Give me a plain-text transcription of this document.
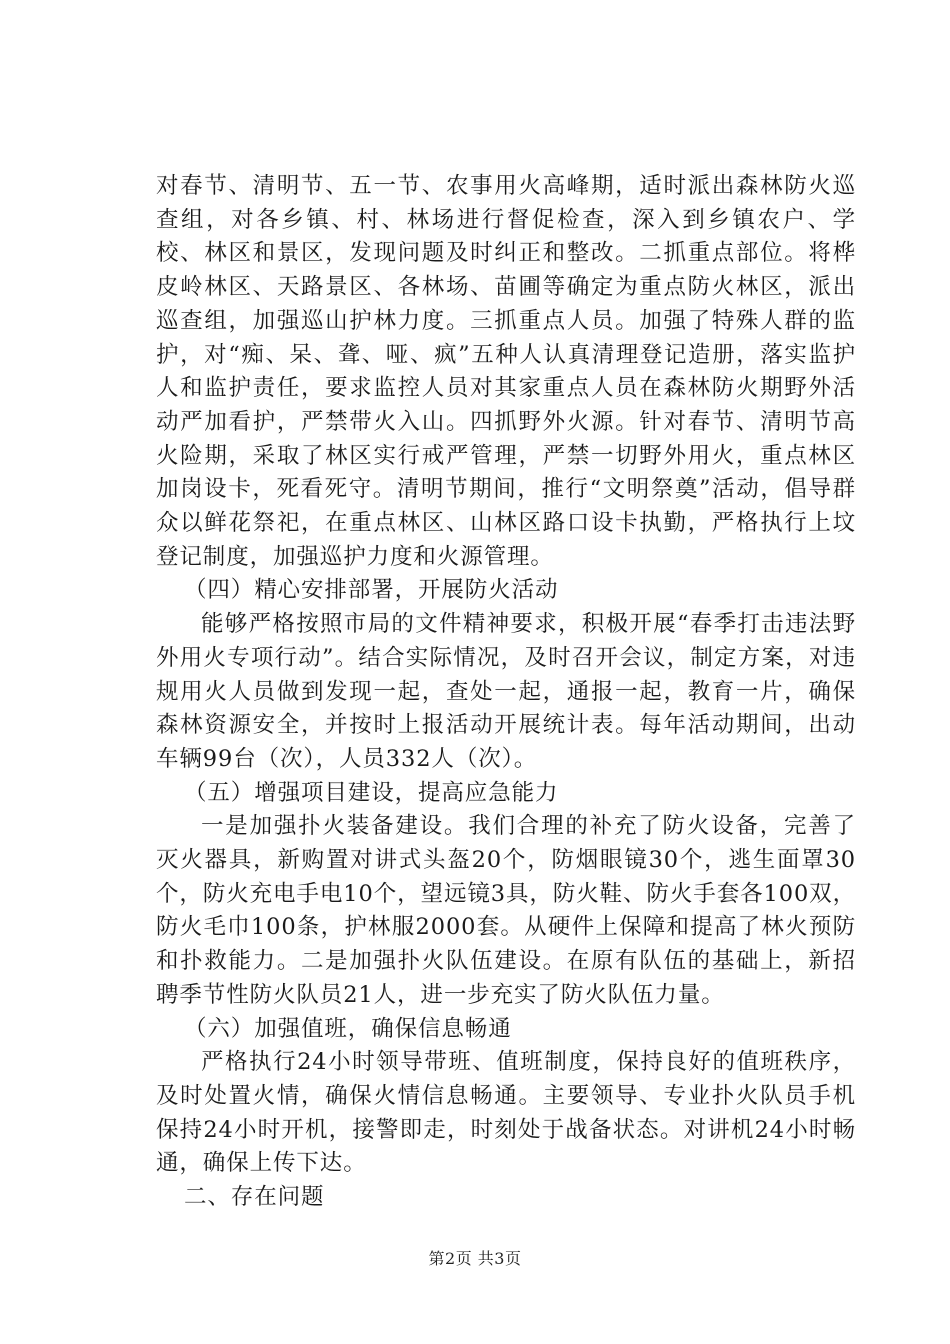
对春节、清明节、五一节、农事用火高峰期，适时派出森林防火巡查组，对各乡镇、村、林场进行督促检查，深入到乡镇农户、学校、林区和景区，发现问题及时纠正和整改。二抓重点部位。将桦皮岭林区、天路景区、各林场、苗圃等确定为重点防火林区，派出巡查组，加强巡山护林力度。三抓重点人员。加强了特殊人群的监护，对“痴、呆、聋、哑、疯”五种人认真清理登记造册，落实监护人和监护责任，要求监控人员对其家重点人员在森林防火期野外活动严加看护，严禁带火入山。四抓野外火源。针对春节、清明节高火险期，采取了林区实行戒严管理，严禁一切野外用火，重点林区加岗设卡，死看死守。清明节期间，推行“文明祭奠”活动，倡导群众以鲜花祭祀，在重点林区、山林区路口设卡执勤，严格执行上坟登记制度，加强巡护力度和火源管理。

（四）精心安排部署，开展防火活动

能够严格按照市局的文件精神要求，积极开展“春季打击违法野外用火专项行动”。结合实际情况，及时召开会议，制定方案，对违规用火人员做到发现一起，查处一起，通报一起，教育一片，确保森林资源安全，并按时上报活动开展统计表。每年活动期间，出动车辆99台（次），人员332人（次）。

（五）增强项目建设，提高应急能力

一是加强扑火装备建设。我们合理的补充了防火设备，完善了灭火器具，新购置对讲式头盔20个，防烟眼镜30个，逃生面罩30个，防火充电手电10个，望远镜3具，防火鞋、防火手套各100双，防火毛巾100条，护林服2000套。从硬件上保障和提高了林火预防和扑救能力。二是加强扑火队伍建设。在原有队伍的基础上，新招聘季节性防火队员21人，进一步充实了防火队伍力量。

（六）加强值班，确保信息畅通

严格执行24小时领导带班、值班制度，保持良好的值班秩序，及时处置火情，确保火情信息畅通。主要领导、专业扑火队员手机保持24小时开机，接警即走，时刻处于战备状态。对讲机24小时畅通，确保上传下达。

二、存在问题

第2页 共3页
